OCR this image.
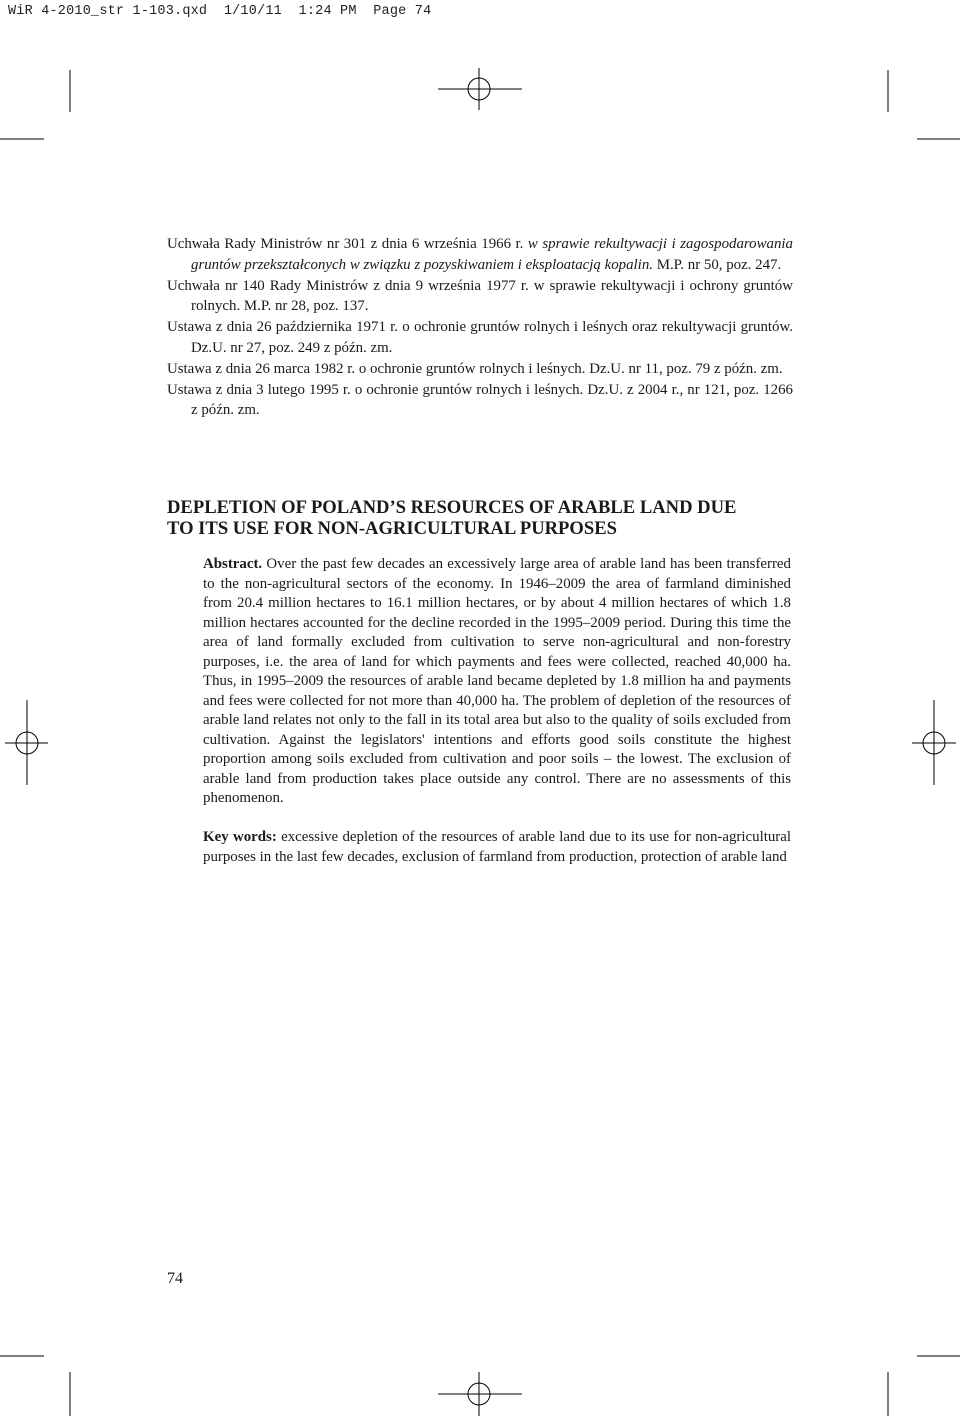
WiR 4-2010_str 1-103.qxd  1/10/11  1:24 PM  Page 74

Uchwała Rady Ministrów nr 301 z dnia 6 września 1966 r. w sprawie rekultywacji i zagospodarowania gruntów przekształconych w związku z pozyskiwaniem i eksploatacją kopalin. M.P. nr 50, poz. 247.

Uchwała nr 140 Rady Ministrów z dnia 9 września 1977 r. w sprawie rekultywacji i ochrony gruntów rolnych. M.P. nr 28, poz. 137.

Ustawa z dnia 26 października 1971 r. o ochronie gruntów rolnych i leśnych oraz rekultywacji gruntów. Dz.U. nr 27, poz. 249 z późn. zm.

Ustawa z dnia 26 marca 1982 r. o ochronie gruntów rolnych i leśnych. Dz.U. nr 11, poz. 79 z późn. zm.

Ustawa z dnia 3 lutego 1995 r. o ochronie gruntów rolnych i leśnych. Dz.U. z 2004 r., nr 121, poz. 1266 z późn. zm.

DEPLETION OF POLAND’S RESOURCES OF ARABLE LAND DUE
TO ITS USE FOR NON-AGRICULTURAL PURPOSES

Abstract. Over the past few decades an excessively large area of arable land has been transferred to the non-agricultural sectors of the economy. In 1946–2009 the area of farmland diminished from 20.4 million hectares to 16.1 million hectares, or by about 4 million hectares of which 1.8 million hectares accounted for the decline recorded in the 1995–2009 period. During this time the area of land formally excluded from cultivation to serve non-agricultural and non-forestry purposes, i.e. the area of land for which payments and fees were collected, reached 40,000 ha. Thus, in 1995–2009 the resources of arable land became depleted by 1.8 million ha and payments and fees were collected for not more than 40,000 ha. The problem of depletion of the resources of arable land relates not only to the fall in its total area but also to the quality of soils excluded from cultivation. Against the legislators' intentions and efforts good soils constitute the highest proportion among soils excluded from cultivation and poor soils – the lowest. The exclusion of arable land from production takes place outside any control. There are no assessments of this phenomenon.

Key words: excessive depletion of the resources of arable land due to its use for non-agricultural purposes in the last few decades, exclusion of farmland from production, protection of arable land

74
